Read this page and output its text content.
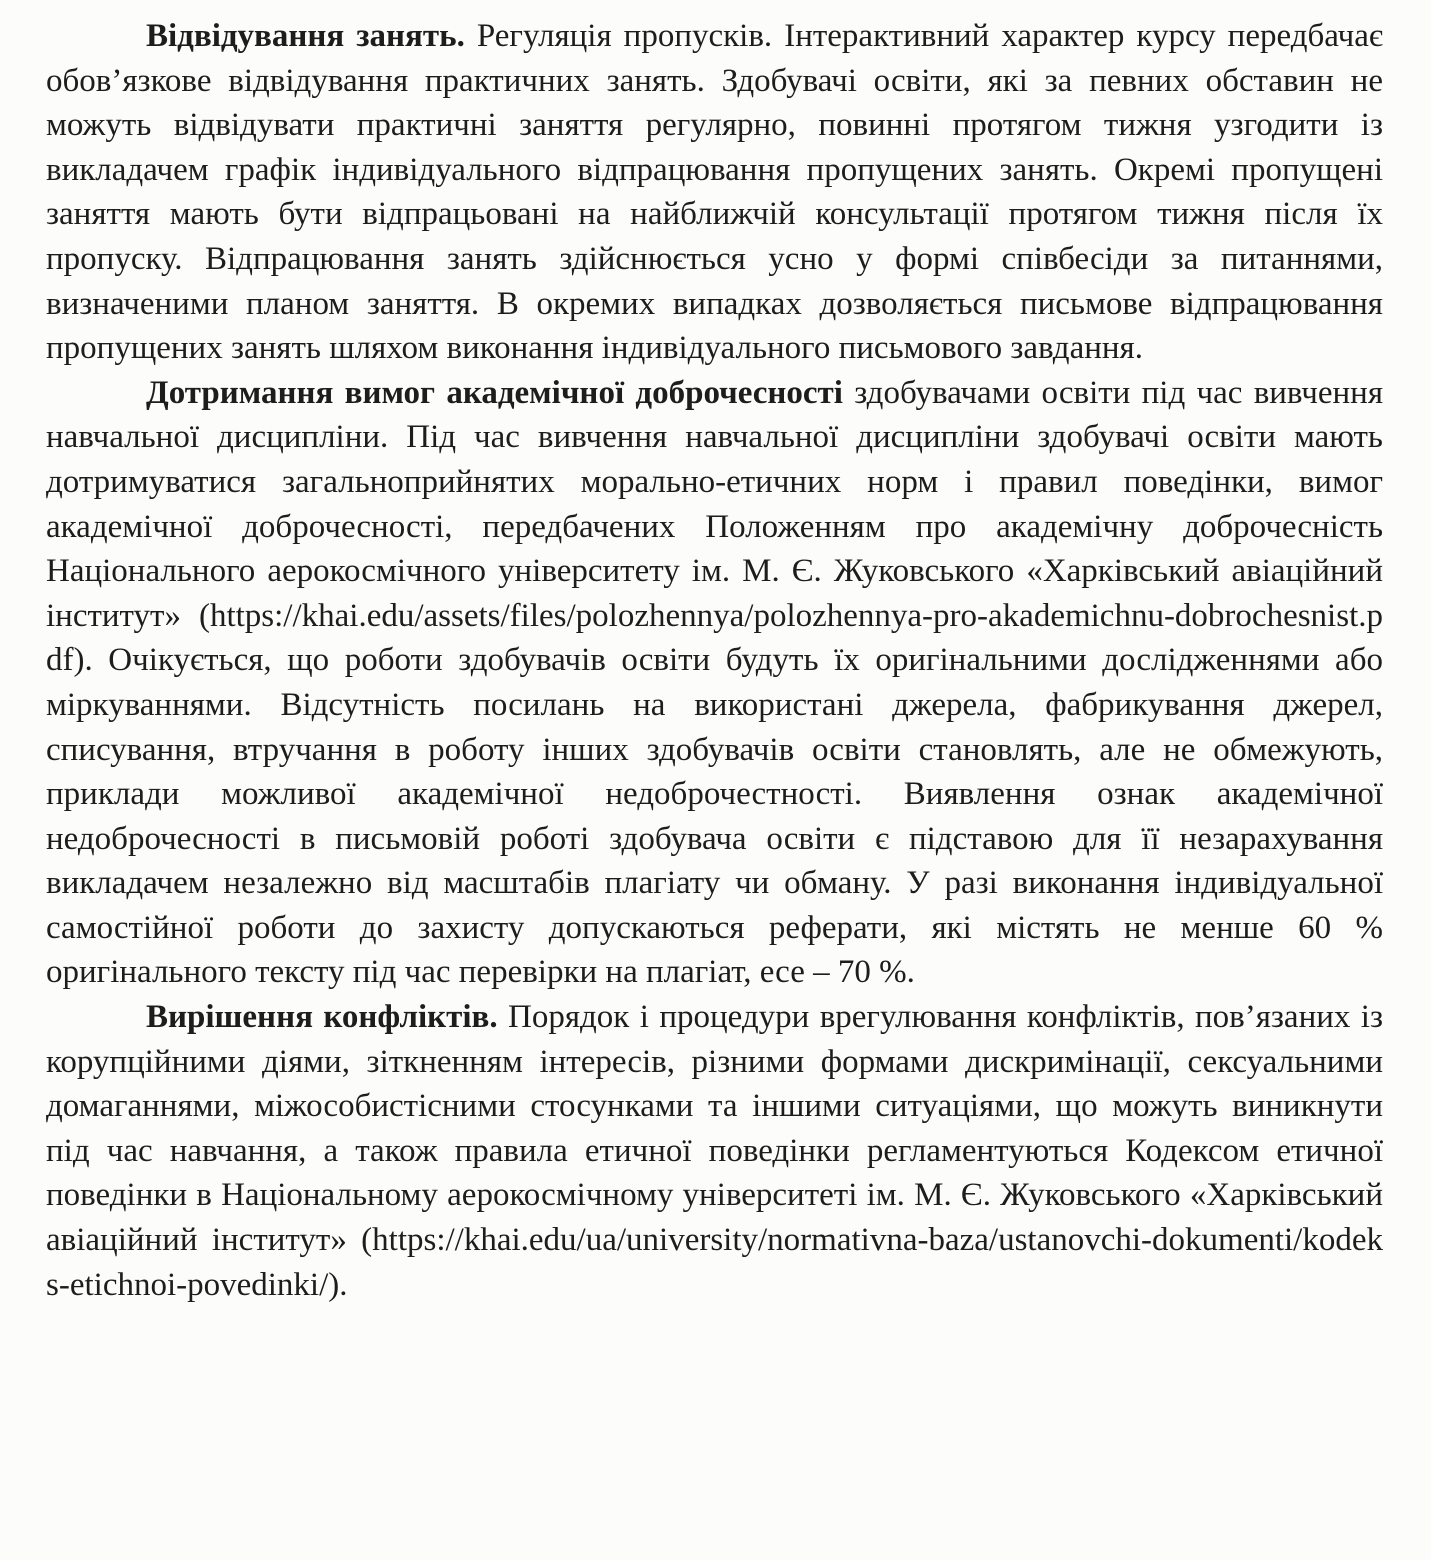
Відвідування занять. Регуляція пропусків. Інтерактивний характер курсу передбачає обов’язкове відвідування практичних занять. Здобувачі освіти, які за певних обставин не можуть відвідувати практичні заняття регулярно, повинні протягом тижня узгодити із викладачем графік індивідуального відпрацювання пропущених занять. Окремі пропущені заняття мають бути відпрацьовані на найближчій консультації протягом тижня після їх пропуску. Відпрацювання занять здійснюється усно у формі співбесіди за питаннями, визначеними планом заняття. В окремих випадках дозволяється письмове відпрацювання пропущених занять шляхом виконання індивідуального письмового завдання.

Дотримання вимог академічної доброчесності здобувачами освіти під час вивчення навчальної дисципліни. Під час вивчення навчальної дисципліни здобувачі освіти мають дотримуватися загальноприйнятих морально-етичних норм і правил поведінки, вимог академічної доброчесності, передбачених Положенням про академічну доброчесність Національного аерокосмічного університету ім. М. Є. Жуковського «Харківський авіаційний інститут» (https://khai.edu/assets/files/polozhennya/polozhennya-pro-akademichnu-dobrochesnist.pdf). Очікується, що роботи здобувачів освіти будуть їх оригінальними дослідженнями або міркуваннями. Відсутність посилань на використані джерела, фабрикування джерел, списування, втручання в роботу інших здобувачів освіти становлять, але не обмежують, приклади можливої академічної недоброчестності. Виявлення ознак академічної недоброчесності в письмовій роботі здобувача освіти є підставою для її незарахування викладачем незалежно від масштабів плагіату чи обману. У разі виконання індивідуальної самостійної роботи до захисту допускаються реферати, які містять не менше 60 % оригінального тексту під час перевірки на плагіат, есе – 70 %.

Вирішення конфліктів. Порядок і процедури врегулювання конфліктів, пов’язаних із корупційними діями, зіткненням інтересів, різними формами дискримінації, сексуальними домаганнями, міжособистісними стосунками та іншими ситуаціями, що можуть виникнути під час навчання, а також правила етичної поведінки регламентуються Кодексом етичної поведінки в Національному аерокосмічному університеті ім. М. Є. Жуковського «Харківський авіаційний інститут» (https://khai.edu/ua/university/normativna-baza/ustanovchi-dokumenti/kodeks-etichnoi-povedinki/).
